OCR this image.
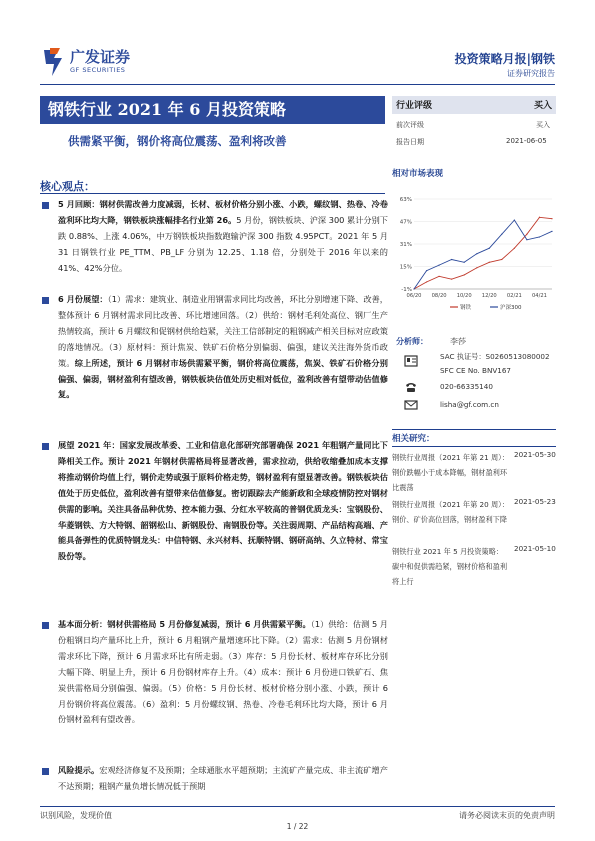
广发证券
GF SECURITIES
投资策略月报|钢铁
证券研究报告
钢铁行业 2021 年 6 月投资策略
供需紧平衡，钢价将高位震荡、盈利将改善
行业评级	买入
前次评级	买入
报告日期	2021-06-05
核心观点：
5 月回顾：钢材供需改善力度减弱，长材、板材价格分别小涨、小跌，螺纹钢、热卷、冷卷盈利环比均大降，钢铁板块涨幅排名行业第 26。5 月份，钢铁板块、沪深 300 累计分别下跌 0.88%、上涨 4.06%，中万钢铁板块指数跑输沪深 300 指数 4.95PCT。2021 年 5 月 31 日钢铁行业 PE_TTM、PB_LF 分别为 12.25、1.18 倍，分别处于 2016 年以来的 41%、42%分位。
6 月份展望：（1）需求：建筑业、制造业用钢需求同比均改善，环比分别增速下降、改善，整体预计 6 月钢材需求同比改善、环比增速回落。（2）供给：钢材毛利处高位、钢厂生产热情较高，预计 6 月螺纹和促钢材供给趋紧，关注工信部制定的粗钢减产相关目标对应政策的落地情况。（3）原材料：预计焦炭、铁矿石价格分别偏弱、偏强，建议关注海外货币政策。综上所述，预计 6 月钢材市场供需紧平衡，钢价将高位震荡，焦炭、铁矿石价格分别偏强、偏弱，钢材盈利有望改善，钢铁板块估值处历史相对低位，盈利改善有望带动估值修复。
展望 2021 年：国家发展改革委、工业和信息化部研究部署确保 2021 年粗钢产量同比下降相关工作。预计 2021 年钢材供需格局将显著改善，需求拉动，供给收缩叠加成本支撑将推动钢价均值上行，钢价走势或强于原料价格走势，钢材盈利有望显著改善。钢铁板块估值处于历史低位，盈利改善有望带来估值修复。密切跟踪去产能新政和全球疫情防控对钢材供需的影响。关注具备品种优势、控本能力强、分红水平较高的普钢优质龙头：宝钢股份、华菱钢铁、方大特钢、韶钢松山、新钢股份、南钢股份等。关注弱周期、产品结构高端、产能具备弹性的优质特钢龙头：中信特钢、永兴材料、抚顺特钢、钢研高纳、久立特材、常宝股份等。
基本面分析：钢材供需格局 5 月份修复减弱，预计 6 月供需紧平衡。（1）供给：估测 5 月份粗钢日均产量环比上升，预计 6 月粗钢产量增速环比下降。（2）需求：估测 5 月份钢材需求环比下降，预计 6 月需求环比有所走弱。（3）库存：5 月份长材、板材库存环比分别大幅下降、明显上升，预计 6 月份钢材库存上升。（4）成本：预计 6 月份进口铁矿石、焦炭供需格局分别偏强、偏弱。（5）价格：5 月份长材、板材价格分别小涨、小跌，预计 6 月份钢价将高位震荡。（6）盈利：5 月份螺纹钢、热卷、冷卷毛利环比均大降，预计 6 月份钢材盈利有望改善。
风险提示。宏观经济修复不及预期；全球通胀水平超预期；主流矿产量完成、非主流矿增产不达预期；粗钢产量负增长情况低于预期
相对市场表现
-1%
15%
31%
47%
63%
06/20 08/20 10/20 12/20 02/21 04/21
钢铁	沪深300
分析师：	李莎
SAC 执证号：S0260513080002
SFC CE No. BNV167
020-66335140
lisha@gf.com.cn
相关研究：
钢铁行业周报（2021 年第 21 周）：钢价跌幅小于成本降幅，钢材盈利环比震荡
2021-05-30
钢铁行业周报（2021 年第 20 周）：钢价、矿价高位回落，钢材盈利下降
2021-05-23
钢铁行业 2021 年 5 月投资策略：碳中和促供需趋紧，钢材价格和盈利将上行
2021-05-10
识别风险，发现价值	请务必阅读末页的免责声明
1 / 22
